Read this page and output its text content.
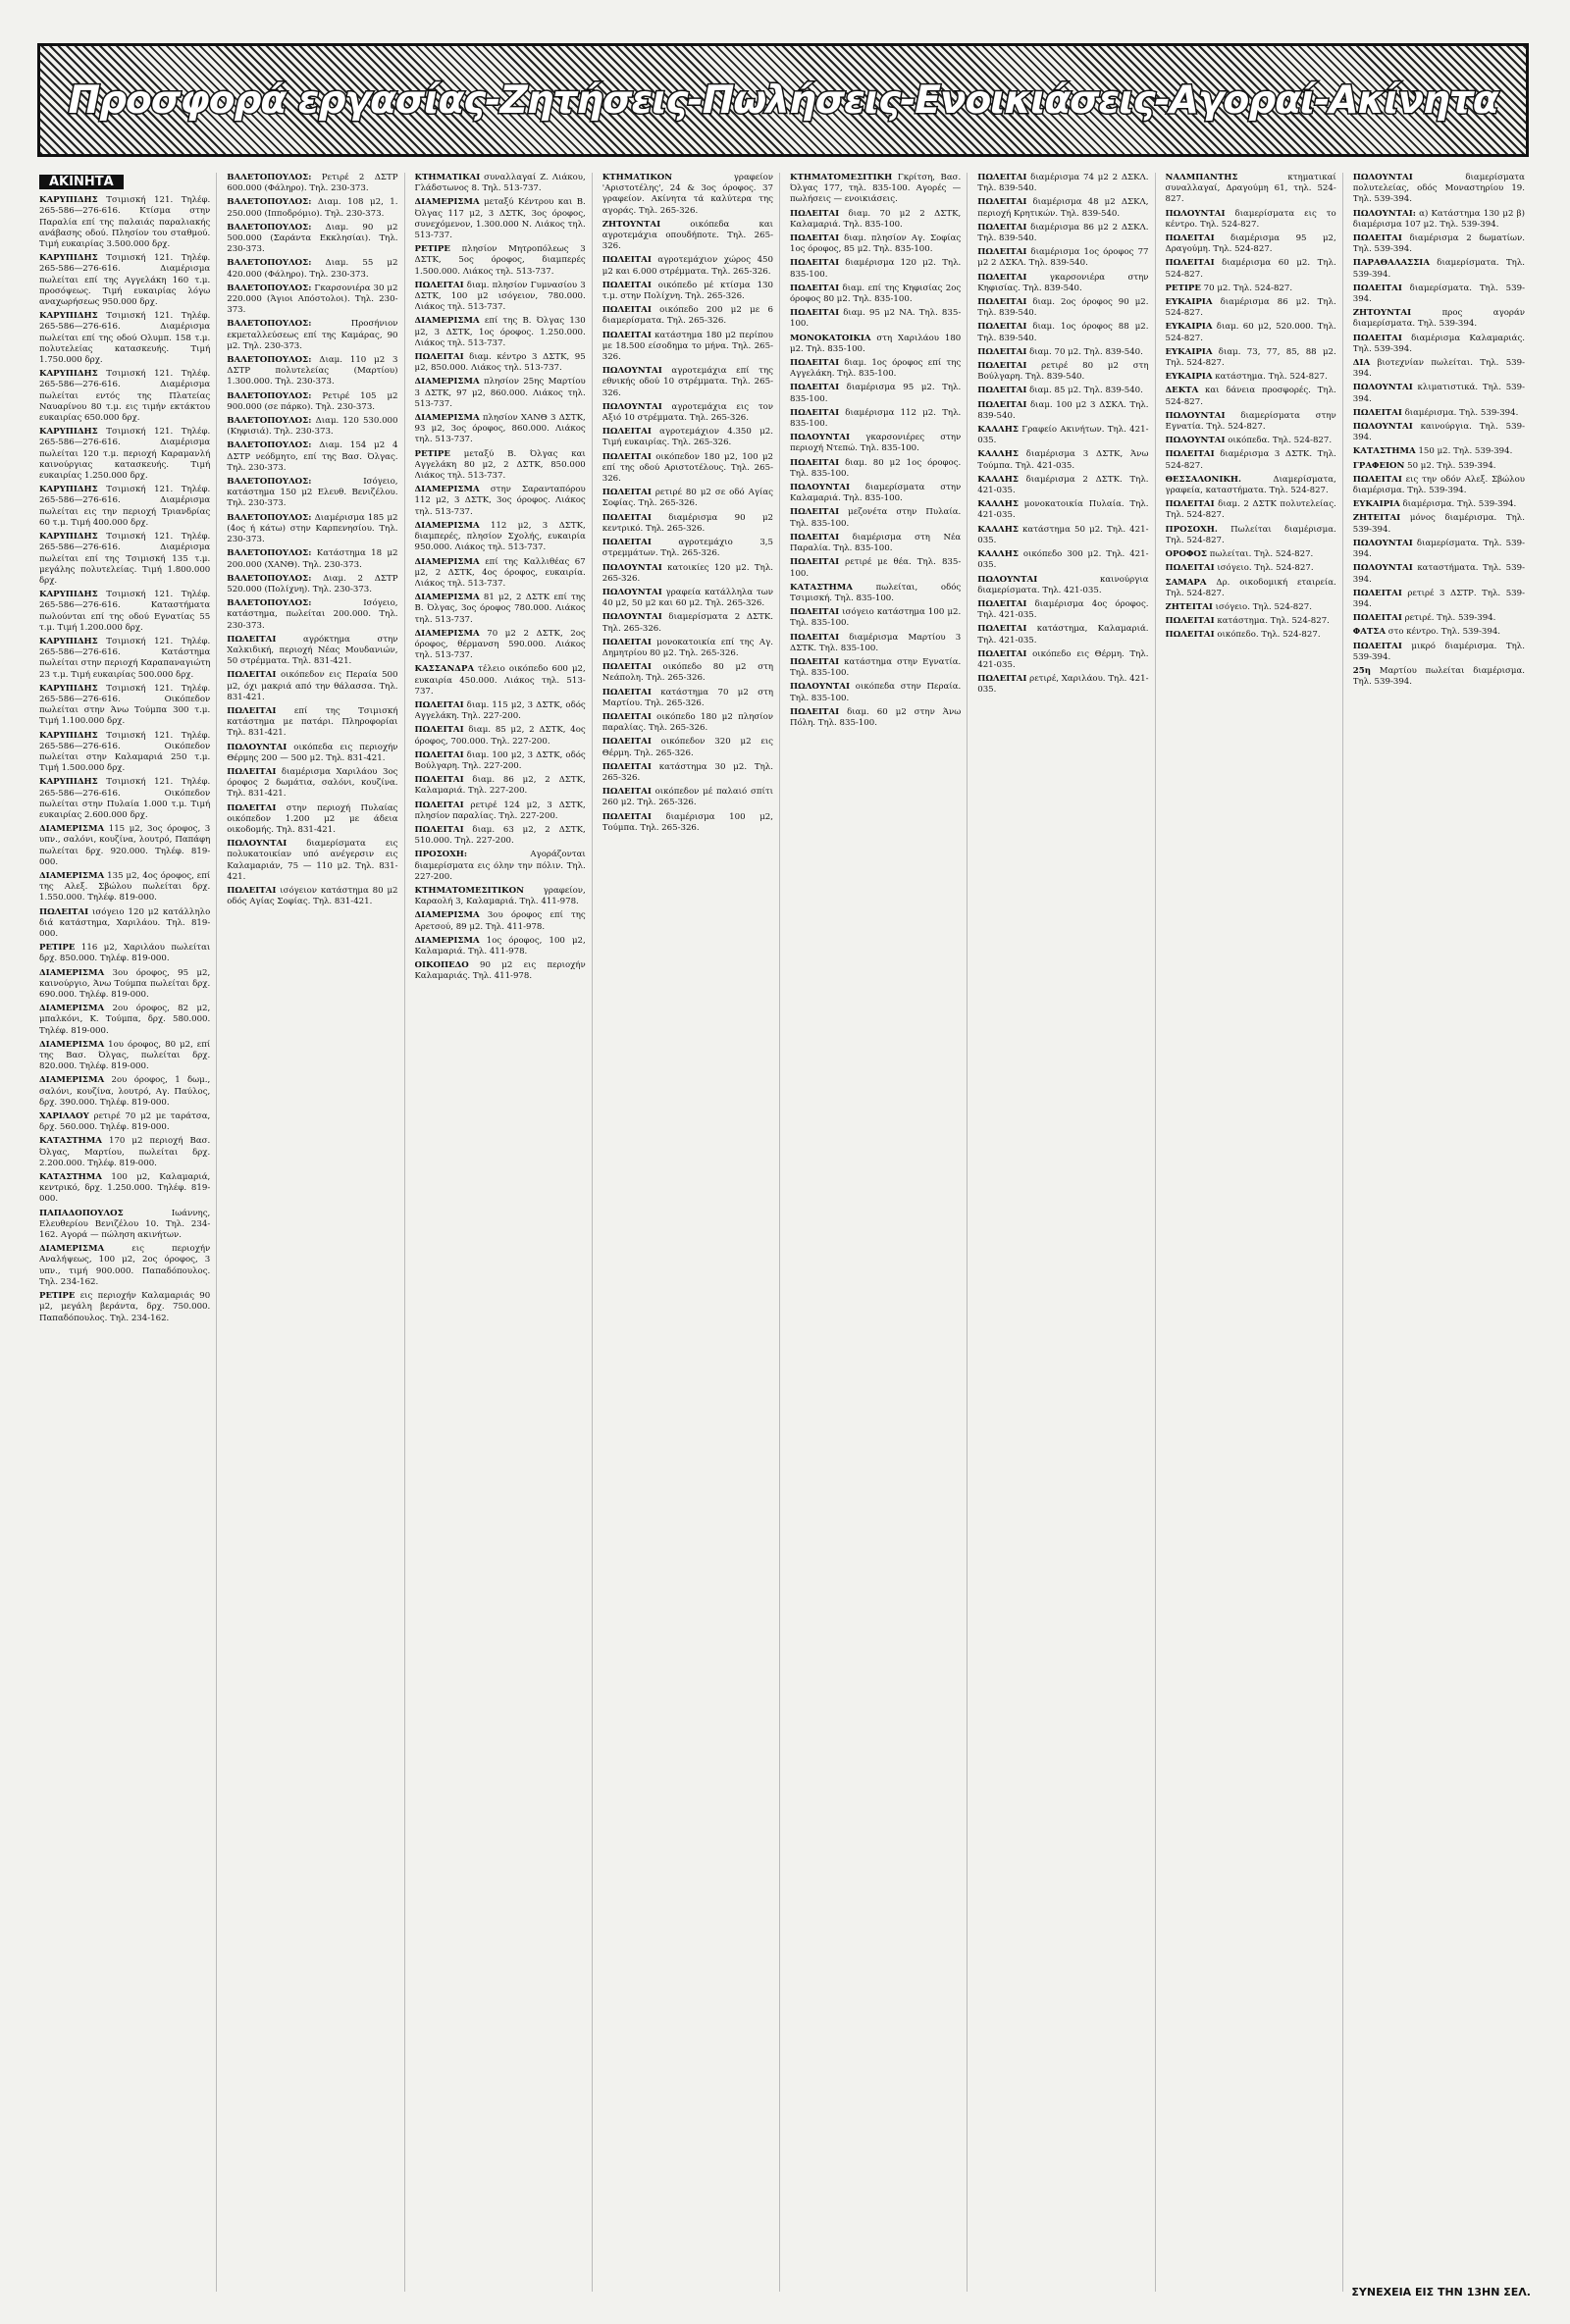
Προσφορά εργασίας-Ζητήσεις-Πωλήσεις-Ενοικιάσεις-Αγοραί-Ακίνητα
ΑΚΙΝΗΤΑ

ΚΑΡΥΠΙΔΗΣ Τσιμισκή 121. Τηλέφ. 265-586—276-616. Κτίσμα στην Παραλία επί της παλαιάς παραλιακής ανάβασης οδού. Πλησίον του σταθμού. Τιμή ευκαιρίας 3.500.000 δρχ.

ΚΑΡΥΠΙΔΗΣ Τσιμισκή 121. Τηλέφ. 265-586—276-616. Διαμέρισμα πωλείται επί της Αγγελάκη 160 τ.μ. προσόψεως. Τιμή ευκαιρίας λόγω αναχωρήσεως 950.000 δρχ.

ΚΑΡΥΠΙΔΗΣ Τσιμισκή 121. Τηλέφ. 265-586—276-616. Διαμέρισμα πωλείται επί της οδού Ολυμπ. 158 τ.μ. πολυτελείας κατασκευής. Τιμή 1.750.000 δρχ.

ΚΑΡΥΠΙΔΗΣ Τσιμισκή 121. Τηλέφ. 265-586—276-616. Διαμέρισμα πωλείται εντός της Πλατείας Ναυαρίνου 80 τ.μ. εις τιμήν εκτάκτου ευκαιρίας 650.000 δρχ.

ΚΑΡΥΠΙΔΗΣ Τσιμισκή 121. Τηλέφ. 265-586—276-616. Διαμέρισμα πωλείται 120 τ.μ. περιοχή Καραμανλή καινούργιας κατασκευής. Τιμή ευκαιρίας 1.250.000 δρχ.

ΚΑΡΥΠΙΔΗΣ Τσιμισκή 121. Τηλέφ. 265-586—276-616. Διαμέρισμα πωλείται εις την περιοχή Τριανδρίας 60 τ.μ. Τιμή 400.000 δρχ.

ΚΑΡΥΠΙΔΗΣ Τσιμισκή 121. Τηλέφ. 265-586—276-616. Διαμέρισμα πωλείται επί της Τσιμισκή 135 τ.μ. μεγάλης πολυτελείας. Τιμή 1.800.000 δρχ.

ΚΑΡΥΠΙΔΗΣ Τσιμισκή 121. Τηλέφ. 265-586—276-616. Καταστήματα πωλούνται επί της οδού Εγνατίας 55 τ.μ. Τιμή 1.200.000 δρχ.

ΚΑΡΥΠΙΔΗΣ Τσιμισκή 121. Τηλέφ. 265-586—276-616. Κατάστημα πωλείται στην περιοχή Καραπαναγιώτη 23 τ.μ. Τιμή ευκαιρίας 500.000 δρχ.

ΚΑΡΥΠΙΔΗΣ Τσιμισκή 121. Τηλέφ. 265-586—276-616. Οικόπεδον πωλείται στην Άνω Τούμπα 300 τ.μ. Τιμή 1.100.000 δρχ.

ΚΑΡΥΠΙΔΗΣ Τσιμισκή 121. Τηλέφ. 265-586—276-616. Οικόπεδον πωλείται στην Καλαμαριά 250 τ.μ. Τιμή 1.500.000 δρχ.

ΚΑΡΥΠΙΔΗΣ Τσιμισκή 121. Τηλέφ. 265-586—276-616. Οικόπεδον πωλείται στην Πυλαία 1.000 τ.μ. Τιμή ευκαιρίας 2.600.000 δρχ.

ΔΙΑΜΕΡΙΣΜΑ 115 μ2, 3ος όροφος, 3 υπν., σαλόνι, κουζίνα, λουτρό, Παπάφη πωλείται δρχ. 920.000. Τηλέφ. 819-000.

ΔΙΑΜΕΡΙΣΜΑ 135 μ2, 4ος όροφος, επί της Αλεξ. Σβώλου πωλείται δρχ. 1.550.000. Τηλέφ. 819-000.

ΠΩΛΕΙΤΑΙ ισόγειο 120 μ2 κατάλληλο διά κατάστημα, Χαριλάου. Τηλ. 819-000.

ΡΕΤΙΡΕ 116 μ2, Χαριλάου πωλείται δρχ. 850.000. Τηλέφ. 819-000.

ΔΙΑΜΕΡΙΣΜΑ 3ου όροφος, 95 μ2, καινούργιο, Άνω Τούμπα πωλείται δρχ. 690.000. Τηλέφ. 819-000.

ΔΙΑΜΕΡΙΣΜΑ 2ου όροφος, 82 μ2, μπαλκόνι, Κ. Τούμπα, δρχ. 580.000. Τηλέφ. 819-000.

ΔΙΑΜΕΡΙΣΜΑ 1ου όροφος, 80 μ2, επί της Βασ. Όλγας, πωλείται δρχ. 820.000. Τηλέφ. 819-000.

ΔΙΑΜΕΡΙΣΜΑ 2ου όροφος, 1 δωμ., σαλόνι, κουζίνα, λουτρό, Αγ. Παύλος, δρχ. 390.000. Τηλέφ. 819-000.

ΧΑΡΙΛΑΟΥ ρετιρέ 70 μ2 με ταράτσα, δρχ. 560.000. Τηλέφ. 819-000.

ΚΑΤΑΣΤΗΜΑ 170 μ2 περιοχή Βασ. Όλγας, Μαρτίου, πωλείται δρχ. 2.200.000. Τηλέφ. 819-000.

ΚΑΤΑΣΤΗΜΑ 100 μ2, Καλαμαριά, κεντρικό, δρχ. 1.250.000. Τηλέφ. 819-000.

ΠΑΠΑΔΟΠΟΥΛΟΣ Ιωάννης, Ελευθερίου Βενιζέλου 10. Τηλ. 234-162. Αγορά — πώληση ακινήτων.

ΔΙΑΜΕΡΙΣΜΑ εις περιοχήν Αναλήψεως, 100 μ2, 2ος όροφος, 3 υπν., τιμή 900.000. Παπαδόπουλος. Τηλ. 234-162.

ΡΕΤΙΡΕ εις περιοχήν Καλαμαριάς 90 μ2, μεγάλη βεράντα, δρχ. 750.000. Παπαδόπουλος. Τηλ. 234-162.

ΒΑΛΕΤΟΠΟΥΛΟΣ: Ρετιρέ 2 ΔΣΤΡ 600.000 (Φάληρο). Τηλ. 230-373.

ΒΑΛΕΤΟΠΟΥΛΟΣ: Διαμ. 108 μ2, 1. 250.000 (Ιπποδρόμιο). Τηλ. 230-373.

ΒΑΛΕΤΟΠΟΥΛΟΣ: Διαμ. 90 μ2 500.000 (Σαράντα Εκκλησίαι). Τηλ. 230-373.

ΒΑΛΕΤΟΠΟΥΛΟΣ: Διαμ. 55 μ2 420.000 (Φάληρο). Τηλ. 230-373.

ΒΑΛΕΤΟΠΟΥΛΟΣ: Γκαρσονιέρα 30 μ2 220.000 (Άγιοι Απόστολοι). Τηλ. 230-373.

ΒΑΛΕΤΟΠΟΥΛΟΣ: Προσήνιον εκμεταλλεύσεως επί της Καμάρας, 90 μ2. Τηλ. 230-373.

ΒΑΛΕΤΟΠΟΥΛΟΣ: Διαμ. 110 μ2 3 ΔΣΤΡ πολυτελείας (Μαρτίου) 1.300.000. Τηλ. 230-373.

ΒΑΛΕΤΟΠΟΥΛΟΣ: Ρετιρέ 105 μ2 900.000 (σε πάρκο). Τηλ. 230-373.

ΒΑΛΕΤΟΠΟΥΛΟΣ: Διαμ. 120 530.000 (Κηφισιά). Τηλ. 230-373.

ΒΑΛΕΤΟΠΟΥΛΟΣ: Διαμ. 154 μ2 4 ΔΣΤΡ νεόδμητο, επί της Βασ. Όλγας. Τηλ. 230-373.

ΒΑΛΕΤΟΠΟΥΛΟΣ: Ισόγειο, κατάστημα 150 μ2 Ελευθ. Βενιζέλου. Τηλ. 230-373.

ΒΑΛΕΤΟΠΟΥΛΟΣ: Διαμέρισμα 185 μ2 (4ος ή κάτω) στην Καρπενησίου. Τηλ. 230-373.

ΒΑΛΕΤΟΠΟΥΛΟΣ: Κατάστημα 18 μ2 200.000 (ΧΑΝΘ). Τηλ. 230-373.

ΒΑΛΕΤΟΠΟΥΛΟΣ: Διαμ. 2 ΔΣΤΡ 520.000 (Πολίχνη). Τηλ. 230-373.

ΒΑΛΕΤΟΠΟΥΛΟΣ: Ισόγειο, κατάστημα, πωλείται 200.000. Τηλ. 230-373.

ΠΩΛΕΙΤΑΙ αγρόκτημα στην Χαλκιδική, περιοχή Νέας Μουδανιών, 50 στρέμματα. Τηλ. 831-421.

ΠΩΛΕΙΤΑΙ οικόπεδον εις Περαία 500 μ2, όχι μακριά από την θάλασσα. Τηλ. 831-421.

ΠΩΛΕΙΤΑΙ επί της Τσιμισκή κατάστημα με πατάρι. Πληροφορίαι Τηλ. 831-421.

ΠΩΛΟΥΝΤΑΙ οικόπεδα εις περιοχήν Θέρμης 200 — 500 μ2. Τηλ. 831-421.

ΠΩΛΕΙΤΑΙ διαμέρισμα Χαριλάου 3ος όροφος 2 δωμάτια, σαλόνι, κουζίνα. Τηλ. 831-421.

ΠΩΛΕΙΤΑΙ στην περιοχή Πυλαίας οικόπεδον 1.200 μ2 με άδεια οικοδομής. Τηλ. 831-421.

ΠΩΛΟΥΝΤΑΙ διαμερίσματα εις πολυκατοικίαν υπό ανέγερσιν εις Καλαμαριάν, 75 — 110 μ2. Τηλ. 831-421.

ΠΩΛΕΙΤΑΙ ισόγειον κατάστημα 80 μ2 οδός Αγίας Σοφίας. Τηλ. 831-421.

ΚΤΗΜΑΤΙΚΑΙ συναλλαγαί Ζ. Λιάκου, Γλάδστωνος 8. Τηλ. 513-737.

ΔΙΑΜΕΡΙΣΜΑ μεταξύ Κέντρου και Β. Όλγας 117 μ2, 3 ΔΣΤΚ, 3ος όροφος, συνεχόμενον, 1.300.000 Ν. Λιάκος τηλ. 513-737.

ΡΕΤΙΡΕ πλησίον Μητροπόλεως 3 ΔΣΤΚ, 5ος όροφος, διαμπερές 1.500.000. Λιάκος τηλ. 513-737.

ΠΩΛΕΙΤΑΙ διαμ. πλησίον Γυμνασίου 3 ΔΣΤΚ, 100 μ2 ισόγειον, 780.000. Λιάκος τηλ. 513-737.

ΔΙΑΜΕΡΙΣΜΑ επί της Β. Όλγας 130 μ2, 3 ΔΣΤΚ, 1ος όροφος. 1.250.000. Λιάκος τηλ. 513-737.

ΠΩΛΕΙΤΑΙ διαμ. κέντρο 3 ΔΣΤΚ, 95 μ2, 850.000. Λιάκος τηλ. 513-737.

ΔΙΑΜΕΡΙΣΜΑ πλησίον 25ης Μαρτίου 3 ΔΣΤΚ, 97 μ2, 860.000. Λιάκος τηλ. 513-737.

ΔΙΑΜΕΡΙΣΜΑ πλησίον ΧΑΝΘ 3 ΔΣΤΚ, 93 μ2, 3ος όροφος, 860.000. Λιάκος τηλ. 513-737.

ΡΕΤΙΡΕ μεταξύ Β. Όλγας και Αγγελάκη 80 μ2, 2 ΔΣΤΚ, 850.000 Λιάκος τηλ. 513-737.

ΔΙΑΜΕΡΙΣΜΑ στην Σαρανταπόρου 112 μ2, 3 ΔΣΤΚ, 3ος όροφος. Λιάκος τηλ. 513-737.

ΔΙΑΜΕΡΙΣΜΑ 112 μ2, 3 ΔΣΤΚ, διαμπερές, πλησίον Σχολής, ευκαιρία 950.000. Λιάκος τηλ. 513-737.

ΔΙΑΜΕΡΙΣΜΑ επί της Καλλιθέας 67 μ2, 2 ΔΣΤΚ, 4ος όροφος, ευκαιρία. Λιάκος τηλ. 513-737.

ΔΙΑΜΕΡΙΣΜΑ 81 μ2, 2 ΔΣΤΚ επί της Β. Όλγας, 3ος όροφος 780.000. Λιάκος τηλ. 513-737.

ΔΙΑΜΕΡΙΣΜΑ 70 μ2 2 ΔΣΤΚ, 2ος όροφος, θέρμανση 590.000. Λιάκος τηλ. 513-737.

ΚΑΣΣΑΝΔΡΑ τέλειο οικόπεδο 600 μ2, ευκαιρία 450.000. Λιάκος τηλ. 513-737.

ΠΩΛΕΙΤΑΙ διαμ. 115 μ2, 3 ΔΣΤΚ, οδός Αγγελάκη. Τηλ. 227-200.

ΠΩΛΕΙΤΑΙ διαμ. 85 μ2, 2 ΔΣΤΚ, 4ος όροφος, 700.000. Τηλ. 227-200.

ΠΩΛΕΙΤΑΙ διαμ. 100 μ2, 3 ΔΣΤΚ, οδός Βούλγαρη. Τηλ. 227-200.

ΠΩΛΕΙΤΑΙ διαμ. 86 μ2, 2 ΔΣΤΚ, Καλαμαριά. Τηλ. 227-200.

ΠΩΛΕΙΤΑΙ ρετιρέ 124 μ2, 3 ΔΣΤΚ, πλησίον παραλίας. Τηλ. 227-200.

ΠΩΛΕΙΤΑΙ διαμ. 63 μ2, 2 ΔΣΤΚ, 510.000. Τηλ. 227-200.

ΠΡΟΣΟΧΗ: Αγοράζονται διαμερίσματα εις όλην την πόλιν. Τηλ. 227-200.

ΚΤΗΜΑΤΟΜΕΣΙΤΙΚΟΝ γραφείον, Καραολή 3, Καλαμαριά. Τηλ. 411-978.

ΔΙΑΜΕΡΙΣΜΑ 3ου όροφος επί της Αρετσού, 89 μ2. Τηλ. 411-978.

ΔΙΑΜΕΡΙΣΜΑ 1ος όροφος, 100 μ2, Καλαμαριά. Τηλ. 411-978.

ΟΙΚΟΠΕΔΟ 90 μ2 εις περιοχήν Καλαμαριάς. Τηλ. 411-978.

ΚΤΗΜΑΤΙΚΟΝ γραφείον 'Αριστοτέλης', 24 & 3ος όροφος. 37 γραφείον. Ακίνητα τά καλύτερα της αγοράς. Τηλ. 265-326.

ΖΗΤΟΥΝΤΑΙ οικόπεδα και αγροτεμάχια οπουδήποτε. Τηλ. 265-326.

ΠΩΛΕΙΤΑΙ αγροτεμάχιον χώρος 450 μ2 και 6.000 στρέμματα. Τηλ. 265-326.

ΠΩΛΕΙΤΑΙ οικόπεδο μέ κτίσμα 130 τ.μ. στην Πολίχνη. Τηλ. 265-326.

ΠΩΛΕΙΤΑΙ οικόπεδο 200 μ2 με 6 διαμερίσματα. Τηλ. 265-326.

ΠΩΛΕΙΤΑΙ κατάστημα 180 μ2 περίπου με 18.500 είσοδημα το μήνα. Τηλ. 265-326.

ΠΩΛΟΥΝΤΑΙ αγροτεμάχια επί της εθνικής οδού 10 στρέμματα. Τηλ. 265-326.

ΠΩΛΟΥΝΤΑΙ αγροτεμάχια εις τον Αξιό 10 στρέμματα. Τηλ. 265-326.

ΠΩΛΕΙΤΑΙ αγροτεμάχιον 4.350 μ2. Τιμή ευκαιρίας. Τηλ. 265-326.

ΠΩΛΕΙΤΑΙ οικόπεδον 180 μ2, 100 μ2 επί της οδού Αριστοτέλους. Τηλ. 265-326.

ΠΩΛΕΙΤΑΙ ρετιρέ 80 μ2 σε οδό Αγίας Σοφίας. Τηλ. 265-326.

ΠΩΛΕΙΤΑΙ διαμέρισμα 90 μ2 κεντρικό. Τηλ. 265-326.

ΠΩΛΕΙΤΑΙ αγροτεμάχιο 3,5 στρεμμάτων. Τηλ. 265-326.

ΠΩΛΟΥΝΤΑΙ κατοικίες 120 μ2. Τηλ. 265-326.

ΠΩΛΟΥΝΤΑΙ γραφεία κατάλληλα των 40 μ2, 50 μ2 και 60 μ2. Τηλ. 265-326.

ΠΩΛΟΥΝΤΑΙ διαμερίσματα 2 ΔΣΤΚ. Τηλ. 265-326.

ΠΩΛΕΙΤΑΙ μονοκατοικία επί της Αγ. Δημητρίου 80 μ2. Τηλ. 265-326.

ΠΩΛΕΙΤΑΙ οικόπεδο 80 μ2 στη Νεάπολη. Τηλ. 265-326.

ΠΩΛΕΙΤΑΙ κατάστημα 70 μ2 στη Μαρτίου. Τηλ. 265-326.

ΠΩΛΕΙΤΑΙ οικόπεδο 180 μ2 πλησίον παραλίας. Τηλ. 265-326.

ΠΩΛΕΙΤΑΙ οικόπεδον 320 μ2 εις Θέρμη. Τηλ. 265-326.

ΠΩΛΕΙΤΑΙ κατάστημα 30 μ2. Τηλ. 265-326.

ΠΩΛΕΙΤΑΙ οικόπεδον μέ παλαιό σπίτι 260 μ2. Τηλ. 265-326.

ΠΩΛΕΙΤΑΙ διαμέρισμα 100 μ2, Τούμπα. Τηλ. 265-326.

ΚΤΗΜΑΤΟΜΕΣΙΤΙΚΗ Γκρίτση, Βασ. Όλγας 177, τηλ. 835-100. Αγορές — πωλήσεις — ενοικιάσεις.

ΠΩΛΕΙΤΑΙ διαμ. 70 μ2 2 ΔΣΤΚ, Καλαμαριά. Τηλ. 835-100.

ΠΩΛΕΙΤΑΙ διαμ. πλησίον Αγ. Σοφίας 1ος όροφος, 85 μ2. Τηλ. 835-100.

ΠΩΛΕΙΤΑΙ διαμέρισμα 120 μ2. Τηλ. 835-100.

ΠΩΛΕΙΤΑΙ διαμ. επί της Κηφισίας 2ος όροφος 80 μ2. Τηλ. 835-100.

ΠΩΛΕΙΤΑΙ διαμ. 95 μ2 ΝΑ. Τηλ. 835-100.

ΜΟΝΟΚΑΤΟΙΚΙΑ στη Χαριλάου 180 μ2. Τηλ. 835-100.

ΠΩΛΕΙΤΑΙ διαμ. 1ος όροφος επί της Αγγελάκη. Τηλ. 835-100.

ΠΩΛΕΙΤΑΙ διαμέρισμα 95 μ2. Τηλ. 835-100.

ΠΩΛΕΙΤΑΙ διαμέρισμα 112 μ2. Τηλ. 835-100.

ΠΩΛΟΥΝΤΑΙ γκαρσονιέρες στην περιοχή Ντεπώ. Τηλ. 835-100.

ΠΩΛΕΙΤΑΙ διαμ. 80 μ2 1ος όροφος. Τηλ. 835-100.

ΠΩΛΟΥΝΤΑΙ διαμερίσματα στην Καλαμαριά. Τηλ. 835-100.

ΠΩΛΕΙΤΑΙ μεζονέτα στην Πυλαία. Τηλ. 835-100.

ΠΩΛΕΙΤΑΙ διαμέρισμα στη Νέα Παραλία. Τηλ. 835-100.

ΠΩΛΕΙΤΑΙ ρετιρέ με θέα. Τηλ. 835-100.

ΚΑΤΑΣΤΗΜΑ πωλείται, οδός Τσιμισκή. Τηλ. 835-100.

ΠΩΛΕΙΤΑΙ ισόγειο κατάστημα 100 μ2. Τηλ. 835-100.

ΠΩΛΕΙΤΑΙ διαμέρισμα Μαρτίου 3 ΔΣΤΚ. Τηλ. 835-100.

ΠΩΛΕΙΤΑΙ κατάστημα στην Εγνατία. Τηλ. 835-100.

ΠΩΛΟΥΝΤΑΙ οικόπεδα στην Περαία. Τηλ. 835-100.

ΠΩΛΕΙΤΑΙ διαμ. 60 μ2 στην Άνω Πόλη. Τηλ. 835-100.

ΠΩΛΕΙΤΑΙ διαμέρισμα 74 μ2 2 ΔΣΚΛ. Τηλ. 839-540.

ΠΩΛΕΙΤΑΙ διαμέρισμα 48 μ2 ΔΣΚΛ, περιοχή Κρητικών. Τηλ. 839-540.

ΠΩΛΕΙΤΑΙ διαμέρισμα 86 μ2 2 ΔΣΚΛ. Τηλ. 839-540.

ΠΩΛΕΙΤΑΙ διαμέρισμα 1ος όροφος 77 μ2 2 ΔΣΚΛ. Τηλ. 839-540.

ΠΩΛΕΙΤΑΙ γκαρσονιέρα στην Κηφισίας. Τηλ. 839-540.

ΠΩΛΕΙΤΑΙ διαμ. 2ος όροφος 90 μ2. Τηλ. 839-540.

ΠΩΛΕΙΤΑΙ διαμ. 1ος όροφος 88 μ2. Τηλ. 839-540.

ΠΩΛΕΙΤΑΙ διαμ. 70 μ2. Τηλ. 839-540.

ΠΩΛΕΙΤΑΙ ρετιρέ 80 μ2 στη Βούλγαρη. Τηλ. 839-540.

ΠΩΛΕΙΤΑΙ διαμ. 85 μ2. Τηλ. 839-540.

ΠΩΛΕΙΤΑΙ διαμ. 100 μ2 3 ΔΣΚΛ. Τηλ. 839-540.

ΚΑΛΛΗΣ Γραφείο Ακινήτων. Τηλ. 421-035.

ΚΑΛΛΗΣ διαμέρισμα 3 ΔΣΤΚ, Άνω Τούμπα. Τηλ. 421-035.

ΚΑΛΛΗΣ διαμέρισμα 2 ΔΣΤΚ. Τηλ. 421-035.

ΚΑΛΛΗΣ μονοκατοικία Πυλαία. Τηλ. 421-035.

ΚΑΛΛΗΣ κατάστημα 50 μ2. Τηλ. 421-035.

ΚΑΛΛΗΣ οικόπεδο 300 μ2. Τηλ. 421-035.

ΠΩΛΟΥΝΤΑΙ καινούργια διαμερίσματα. Τηλ. 421-035.

ΠΩΛΕΙΤΑΙ διαμέρισμα 4ος όροφος. Τηλ. 421-035.

ΠΩΛΕΙΤΑΙ κατάστημα, Καλαμαριά. Τηλ. 421-035.

ΠΩΛΕΙΤΑΙ οικόπεδο εις Θέρμη. Τηλ. 421-035.

ΠΩΛΕΙΤΑΙ ρετιρέ, Χαριλάου. Τηλ. 421-035.

ΝΑΛΜΠΑΝΤΗΣ κτηματικαί συναλλαγαί, Δραγούμη 61, τηλ. 524-827.

ΠΩΛΟΥΝΤΑΙ διαμερίσματα εις το κέντρο. Τηλ. 524-827.

ΠΩΛΕΙΤΑΙ διαμέρισμα 95 μ2, Δραγούμη. Τηλ. 524-827.

ΠΩΛΕΙΤΑΙ διαμέρισμα 60 μ2. Τηλ. 524-827.

ΡΕΤΙΡΕ 70 μ2. Τηλ. 524-827.

ΕΥΚΑΙΡΙΑ διαμέρισμα 86 μ2. Τηλ. 524-827.

ΕΥΚΑΙΡΙΑ διαμ. 60 μ2, 520.000. Τηλ. 524-827.

ΕΥΚΑΙΡΙΑ διαμ. 73, 77, 85, 88 μ2. Τηλ. 524-827.

ΕΥΚΑΙΡΙΑ κατάστημα. Τηλ. 524-827.

ΔΕΚΤΑ και δάνεια προσφορές. Τηλ. 524-827.

ΠΩΛΟΥΝΤΑΙ διαμερίσματα στην Εγνατία. Τηλ. 524-827.

ΠΩΛΟΥΝΤΑΙ οικόπεδα. Τηλ. 524-827.

ΠΩΛΕΙΤΑΙ διαμέρισμα 3 ΔΣΤΚ. Τηλ. 524-827.

ΘΕΣΣΑΛΟΝΙΚΗ. Διαμερίσματα, γραφεία, καταστήματα. Τηλ. 524-827.

ΠΩΛΕΙΤΑΙ διαμ. 2 ΔΣΤΚ πολυτελείας. Τηλ. 524-827.

ΠΡΟΣΟΧΗ. Πωλείται διαμέρισμα. Τηλ. 524-827.

ΟΡΟΦΟΣ πωλείται. Τηλ. 524-827.

ΠΩΛΕΙΤΑΙ ισόγειο. Τηλ. 524-827.

ΣΑΜΑΡΑ Δρ. οικοδομική εταιρεία. Τηλ. 524-827.

ΖΗΤΕΙΤΑΙ ισόγειο. Τηλ. 524-827.

ΠΩΛΕΙΤΑΙ κατάστημα. Τηλ. 524-827.

ΠΩΛΕΙΤΑΙ οικόπεδο. Τηλ. 524-827.

ΠΩΛΟΥΝΤΑΙ διαμερίσματα πολυτελείας, οδός Μοναστηρίου 19. Τηλ. 539-394.

ΠΩΛΟΥΝΤΑΙ: α) Κατάστημα 130 μ2 β) διαμέρισμα 107 μ2. Τηλ. 539-394.

ΠΩΛΕΙΤΑΙ διαμέρισμα 2 δωματίων. Τηλ. 539-394.

ΠΑΡΑΘΑΛΑΣΣΙΑ διαμερίσματα. Τηλ. 539-394.

ΠΩΛΕΙΤΑΙ διαμερίσματα. Τηλ. 539-394.

ΖΗΤΟΥΝΤΑΙ προς αγοράν διαμερίσματα. Τηλ. 539-394.

ΠΩΛΕΙΤΑΙ διαμέρισμα Καλαμαριάς. Τηλ. 539-394.

ΔΙΑ βιοτεχνίαν πωλείται. Τηλ. 539-394.

ΠΩΛΟΥΝΤΑΙ κλιματιστικά. Τηλ. 539-394.

ΠΩΛΕΙΤΑΙ διαμέρισμα. Τηλ. 539-394.

ΠΩΛΟΥΝΤΑΙ καινούργια. Τηλ. 539-394.

ΚΑΤΑΣΤΗΜΑ 150 μ2. Τηλ. 539-394.

ΓΡΑΦΕΙΟΝ 50 μ2. Τηλ. 539-394.

ΠΩΛΕΙΤΑΙ εις την οδόν Αλεξ. Σβώλου διαμέρισμα. Τηλ. 539-394.

ΕΥΚΑΙΡΙΑ διαμέρισμα. Τηλ. 539-394.

ΖΗΤΕΙΤΑΙ μόνος διαμέρισμα. Τηλ. 539-394.

ΠΩΛΟΥΝΤΑΙ διαμερίσματα. Τηλ. 539-394.

ΠΩΛΟΥΝΤΑΙ καταστήματα. Τηλ. 539-394.

ΠΩΛΕΙΤΑΙ ρετιρέ 3 ΔΣΤΡ. Τηλ. 539-394.

ΠΩΛΕΙΤΑΙ ρετιρέ. Τηλ. 539-394.

ΦΑΤΣΑ στο κέντρο. Τηλ. 539-394.

ΠΩΛΕΙΤΑΙ μικρό διαμέρισμα. Τηλ. 539-394.

25η Μαρτίου πωλείται διαμέρισμα. Τηλ. 539-394.

ΣΥΝΕΧΕΙΑ ΕΙΣ ΤΗΝ 13ΗΝ ΣΕΛ.
